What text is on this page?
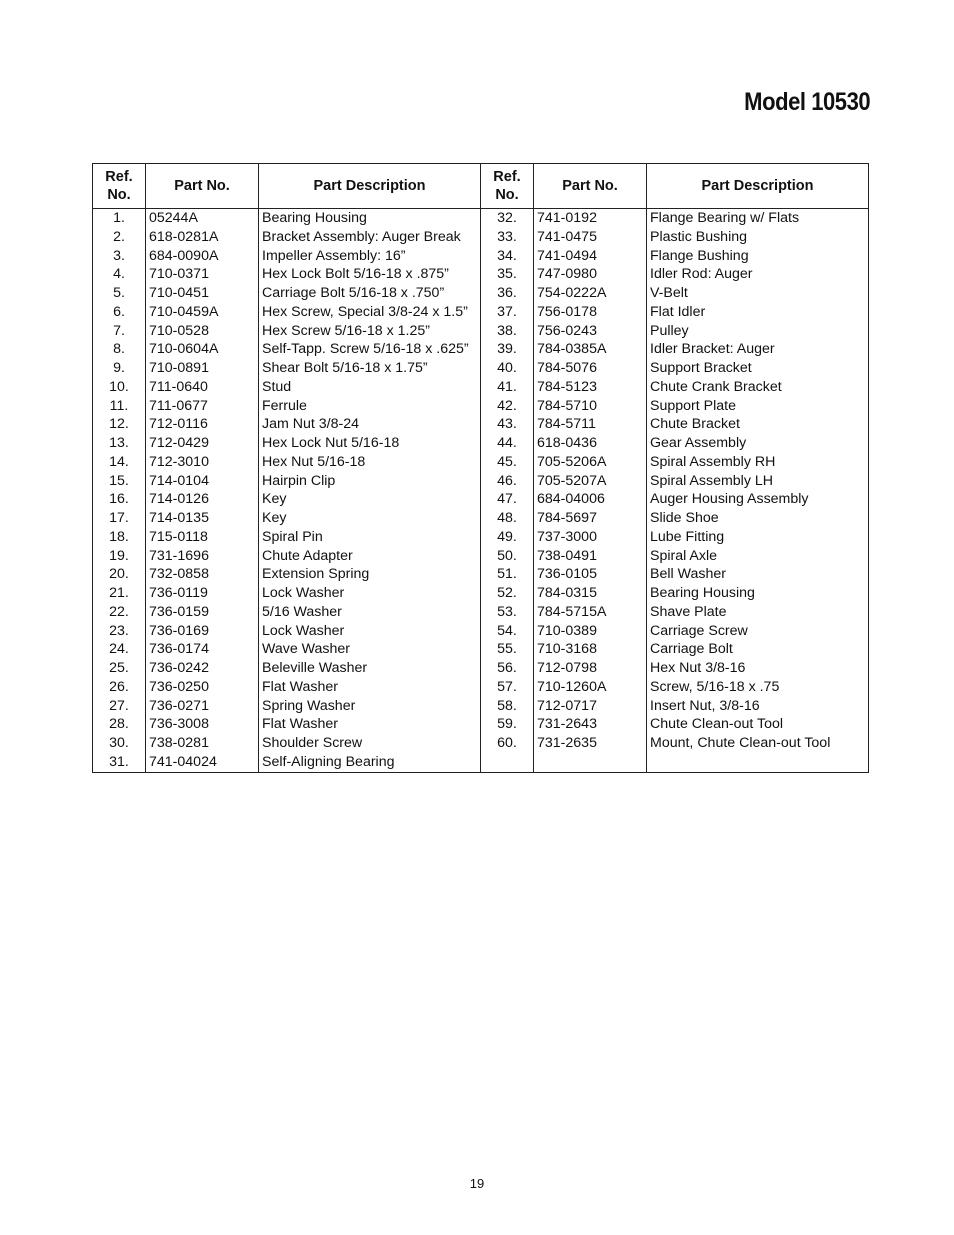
Model 10530
Ref.
No.	Part No.	Part Description	Ref.
No.	Part No.	Part Description
1.	05244A	Bearing Housing	32.	741-0192	Flange Bearing w/ Flats
2.	618-0281A	Bracket Assembly: Auger Break	33.	741-0475	Plastic Bushing
3.	684-0090A	Impeller Assembly: 16”	34.	741-0494	Flange Bushing
4.	710-0371	Hex Lock Bolt 5/16-18 x .875”	35.	747-0980	Idler Rod: Auger
5.	710-0451	Carriage Bolt 5/16-18 x .750”	36.	754-0222A	V-Belt
6.	710-0459A	Hex Screw, Special 3/8-24 x 1.5”	37.	756-0178	Flat Idler
7.	710-0528	Hex Screw 5/16-18 x 1.25”	38.	756-0243	Pulley
8.	710-0604A	Self-Tapp. Screw 5/16-18 x .625”	39.	784-0385A	Idler Bracket: Auger
9.	710-0891	Shear Bolt 5/16-18 x 1.75”	40.	784-5076	Support Bracket
10.	711-0640	Stud	41.	784-5123	Chute Crank Bracket
11.	711-0677	Ferrule	42.	784-5710	Support Plate
12.	712-0116	Jam Nut 3/8-24	43.	784-5711	Chute Bracket
13.	712-0429	Hex Lock Nut 5/16-18	44.	618-0436	Gear Assembly
14.	712-3010	Hex Nut 5/16-18	45.	705-5206A	Spiral Assembly RH
15.	714-0104	Hairpin Clip	46.	705-5207A	Spiral Assembly LH
16.	714-0126	Key	47.	684-04006	Auger Housing Assembly
17.	714-0135	Key	48.	784-5697	Slide Shoe
18.	715-0118	Spiral Pin	49.	737-3000	Lube Fitting
19.	731-1696	Chute Adapter	50.	738-0491	Spiral Axle
20.	732-0858	Extension Spring	51.	736-0105	Bell Washer
21.	736-0119	Lock Washer	52.	784-0315	Bearing Housing
22.	736-0159	5/16 Washer	53.	784-5715A	Shave Plate
23.	736-0169	Lock Washer	54.	710-0389	Carriage Screw
24.	736-0174	Wave Washer	55.	710-3168	Carriage Bolt
25.	736-0242	Beleville Washer	56.	712-0798	Hex Nut 3/8-16
26.	736-0250	Flat Washer	57.	710-1260A	Screw, 5/16-18 x .75
27.	736-0271	Spring Washer	58.	712-0717	Insert Nut, 3/8-16
28.	736-3008	Flat Washer	59.	731-2643	Chute Clean-out Tool
30.	738-0281	Shoulder Screw	60.	731-2635	Mount, Chute Clean-out Tool
31.	741-04024	Self-Aligning Bearing			
19
